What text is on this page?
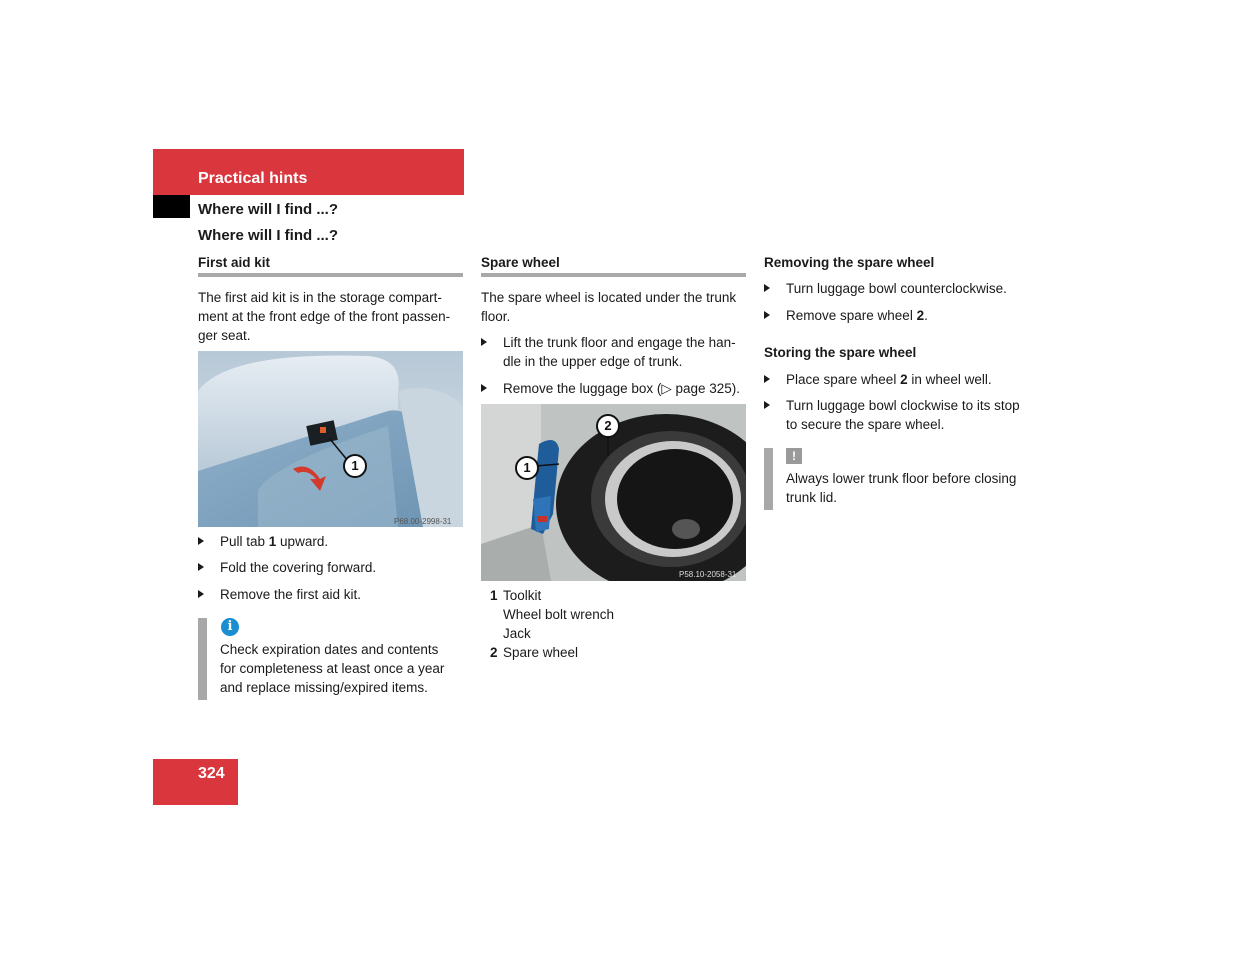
Practical hints
Where will I find ...?
Where will I find ...?
First aid kit
The first aid kit is in the storage compart-
ment at the front edge of the front passen-
ger seat.
1
P68.00-2998-31
Pull tab 1 upward.
Fold the covering forward.
Remove the first aid kit.
i
Check expiration dates and contents
for completeness at least once a year
and replace missing/expired items.
Spare wheel
The spare wheel is located under the trunk
floor.
Lift the trunk floor and engage the han-
dle in the upper edge of trunk.
Remove the luggage box (▷ page 325).
1
2
P58.10-2058-31
1 Toolkit
Wheel bolt wrench
Jack
2 Spare wheel
Removing the spare wheel
Turn luggage bowl counterclockwise.
Remove spare wheel 2.
Storing the spare wheel
Place spare wheel 2 in wheel well.
Turn luggage bowl clockwise to its stop
to secure the spare wheel.
!
Always lower trunk floor before closing
trunk lid.
324
